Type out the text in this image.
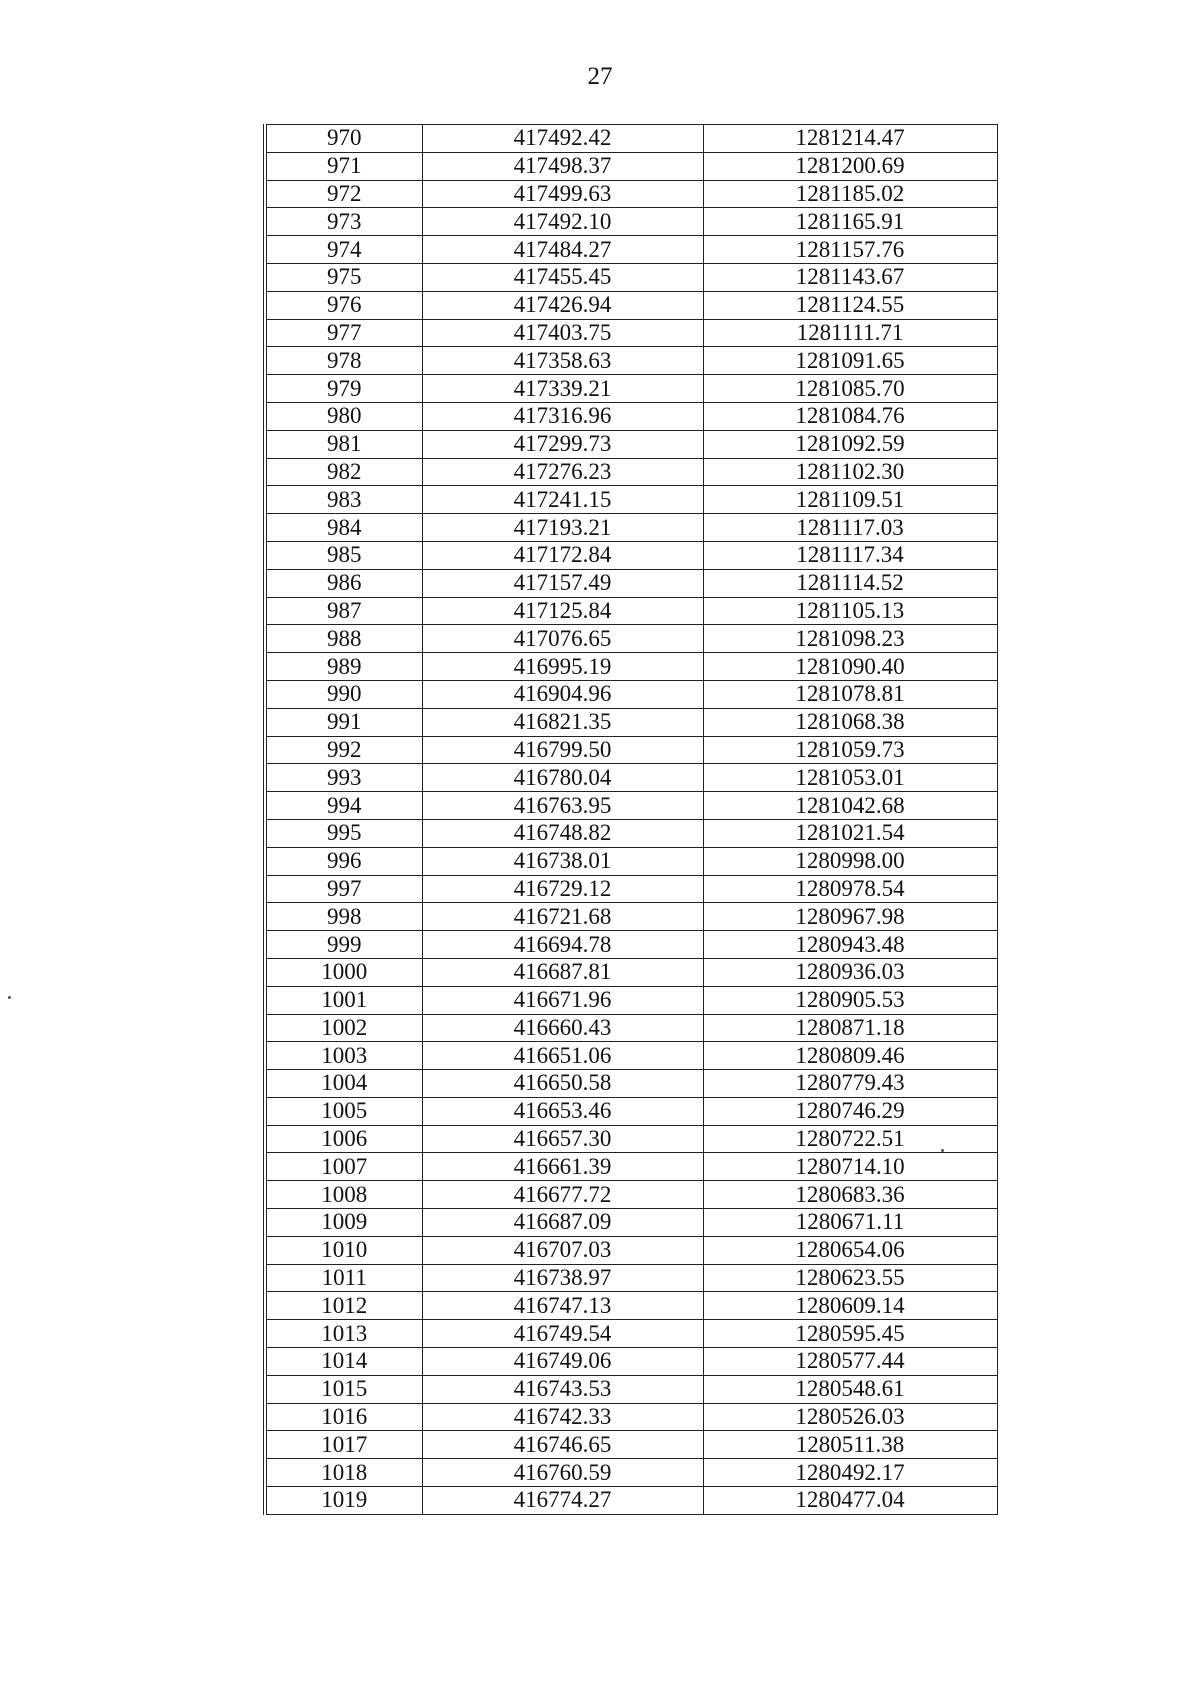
27
970	417492.42	1281214.47
971	417498.37	1281200.69
972	417499.63	1281185.02
973	417492.10	1281165.91
974	417484.27	1281157.76
975	417455.45	1281143.67
976	417426.94	1281124.55
977	417403.75	1281111.71
978	417358.63	1281091.65
979	417339.21	1281085.70
980	417316.96	1281084.76
981	417299.73	1281092.59
982	417276.23	1281102.30
983	417241.15	1281109.51
984	417193.21	1281117.03
985	417172.84	1281117.34
986	417157.49	1281114.52
987	417125.84	1281105.13
988	417076.65	1281098.23
989	416995.19	1281090.40
990	416904.96	1281078.81
991	416821.35	1281068.38
992	416799.50	1281059.73
993	416780.04	1281053.01
994	416763.95	1281042.68
995	416748.82	1281021.54
996	416738.01	1280998.00
997	416729.12	1280978.54
998	416721.68	1280967.98
999	416694.78	1280943.48
1000	416687.81	1280936.03
1001	416671.96	1280905.53
1002	416660.43	1280871.18
1003	416651.06	1280809.46
1004	416650.58	1280779.43
1005	416653.46	1280746.29
1006	416657.30	1280722.51
1007	416661.39	1280714.10
1008	416677.72	1280683.36
1009	416687.09	1280671.11
1010	416707.03	1280654.06
1011	416738.97	1280623.55
1012	416747.13	1280609.14
1013	416749.54	1280595.45
1014	416749.06	1280577.44
1015	416743.53	1280548.61
1016	416742.33	1280526.03
1017	416746.65	1280511.38
1018	416760.59	1280492.17
1019	416774.27	1280477.04
